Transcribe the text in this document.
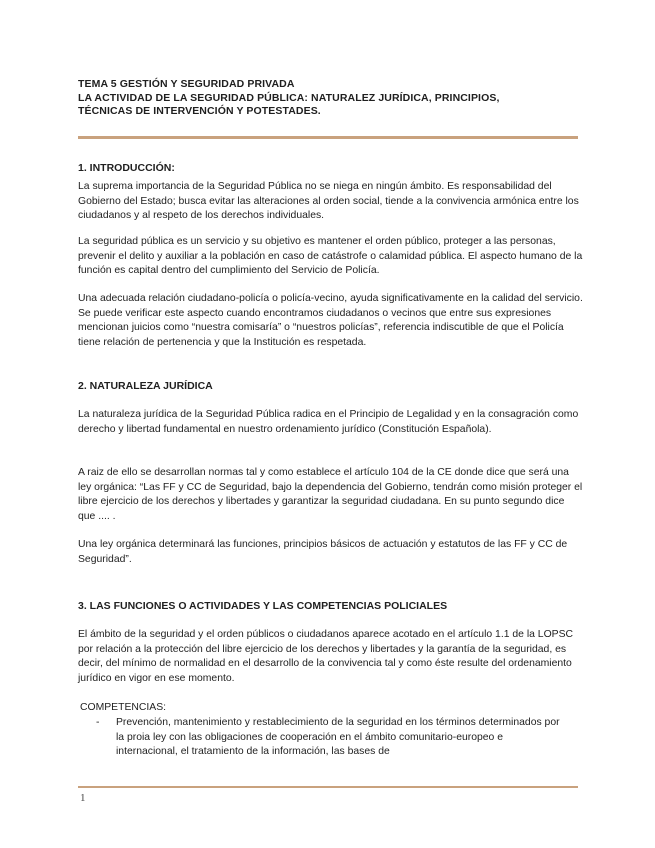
TEMA 5 GESTIÓN Y SEGURIDAD PRIVADA
LA ACTIVIDAD DE LA SEGURIDAD PÚBLICA: NATURALEZ JURÍDICA, PRINCIPIOS,
TÉCNICAS DE INTERVENCIÓN Y POTESTADES.
1. INTRODUCCIÓN:

La suprema importancia de la Seguridad Pública no se niega en ningún ámbito. Es responsabilidad del Gobierno del Estado; busca evitar las alteraciones al orden social, tiende a la convivencia armónica entre los ciudadanos y al respeto de los derechos individuales.

La seguridad pública es un servicio y su objetivo es mantener el orden público, proteger a las personas, prevenir el delito y auxiliar a la población en caso de catástrofe o calamidad pública. El aspecto humano de la función es capital dentro del cumplimiento del Servicio de Policía.

Una adecuada relación ciudadano-policía o policía-vecino, ayuda significativamente en la calidad del servicio. Se puede verificar este aspecto cuando encontramos ciudadanos o vecinos que entre sus expresiones mencionan juicios como “nuestra comisaría” o “nuestros policías”, referencia indiscutible de que el Policía tiene relación de pertenencia y que la Institución es respetada.

2. NATURALEZA JURÍDICA

La naturaleza jurídica de la Seguridad Pública radica en el Principio de Legalidad y en la consagración como derecho y libertad fundamental en nuestro ordenamiento jurídico (Constitución Española).

A raiz de ello se desarrollan normas tal y como establece el artículo 104 de la CE donde dice que será una ley orgánica: “Las FF y CC de Seguridad, bajo la dependencia del Gobierno, tendrán como misión proteger el libre ejercicio de los derechos y libertades y garantizar la seguridad ciudadana. En su punto segundo dice que .... .

Una ley orgánica determinará las funciones, principios básicos de actuación y estatutos de las FF y CC de Seguridad”.

3. LAS FUNCIONES O ACTIVIDADES Y LAS COMPETENCIAS POLICIALES

El ámbito de la seguridad y el orden públicos o ciudadanos aparece acotado en el artículo 1.1 de la LOPSC por relación a la protección del libre ejercicio de los derechos y libertades y la garantía de la seguridad, es decir, del mínimo de normalidad en el desarrollo de la convivencia tal y como éste resulte del ordenamiento jurídico en vigor en ese momento.

COMPETENCIAS:
- Prevención, mantenimiento y restablecimiento de la seguridad en los términos determinados por la proia ley con las obligaciones de cooperación en el ámbito comunitario-europeo e internacional, el tratamiento de la información, las bases de

1
